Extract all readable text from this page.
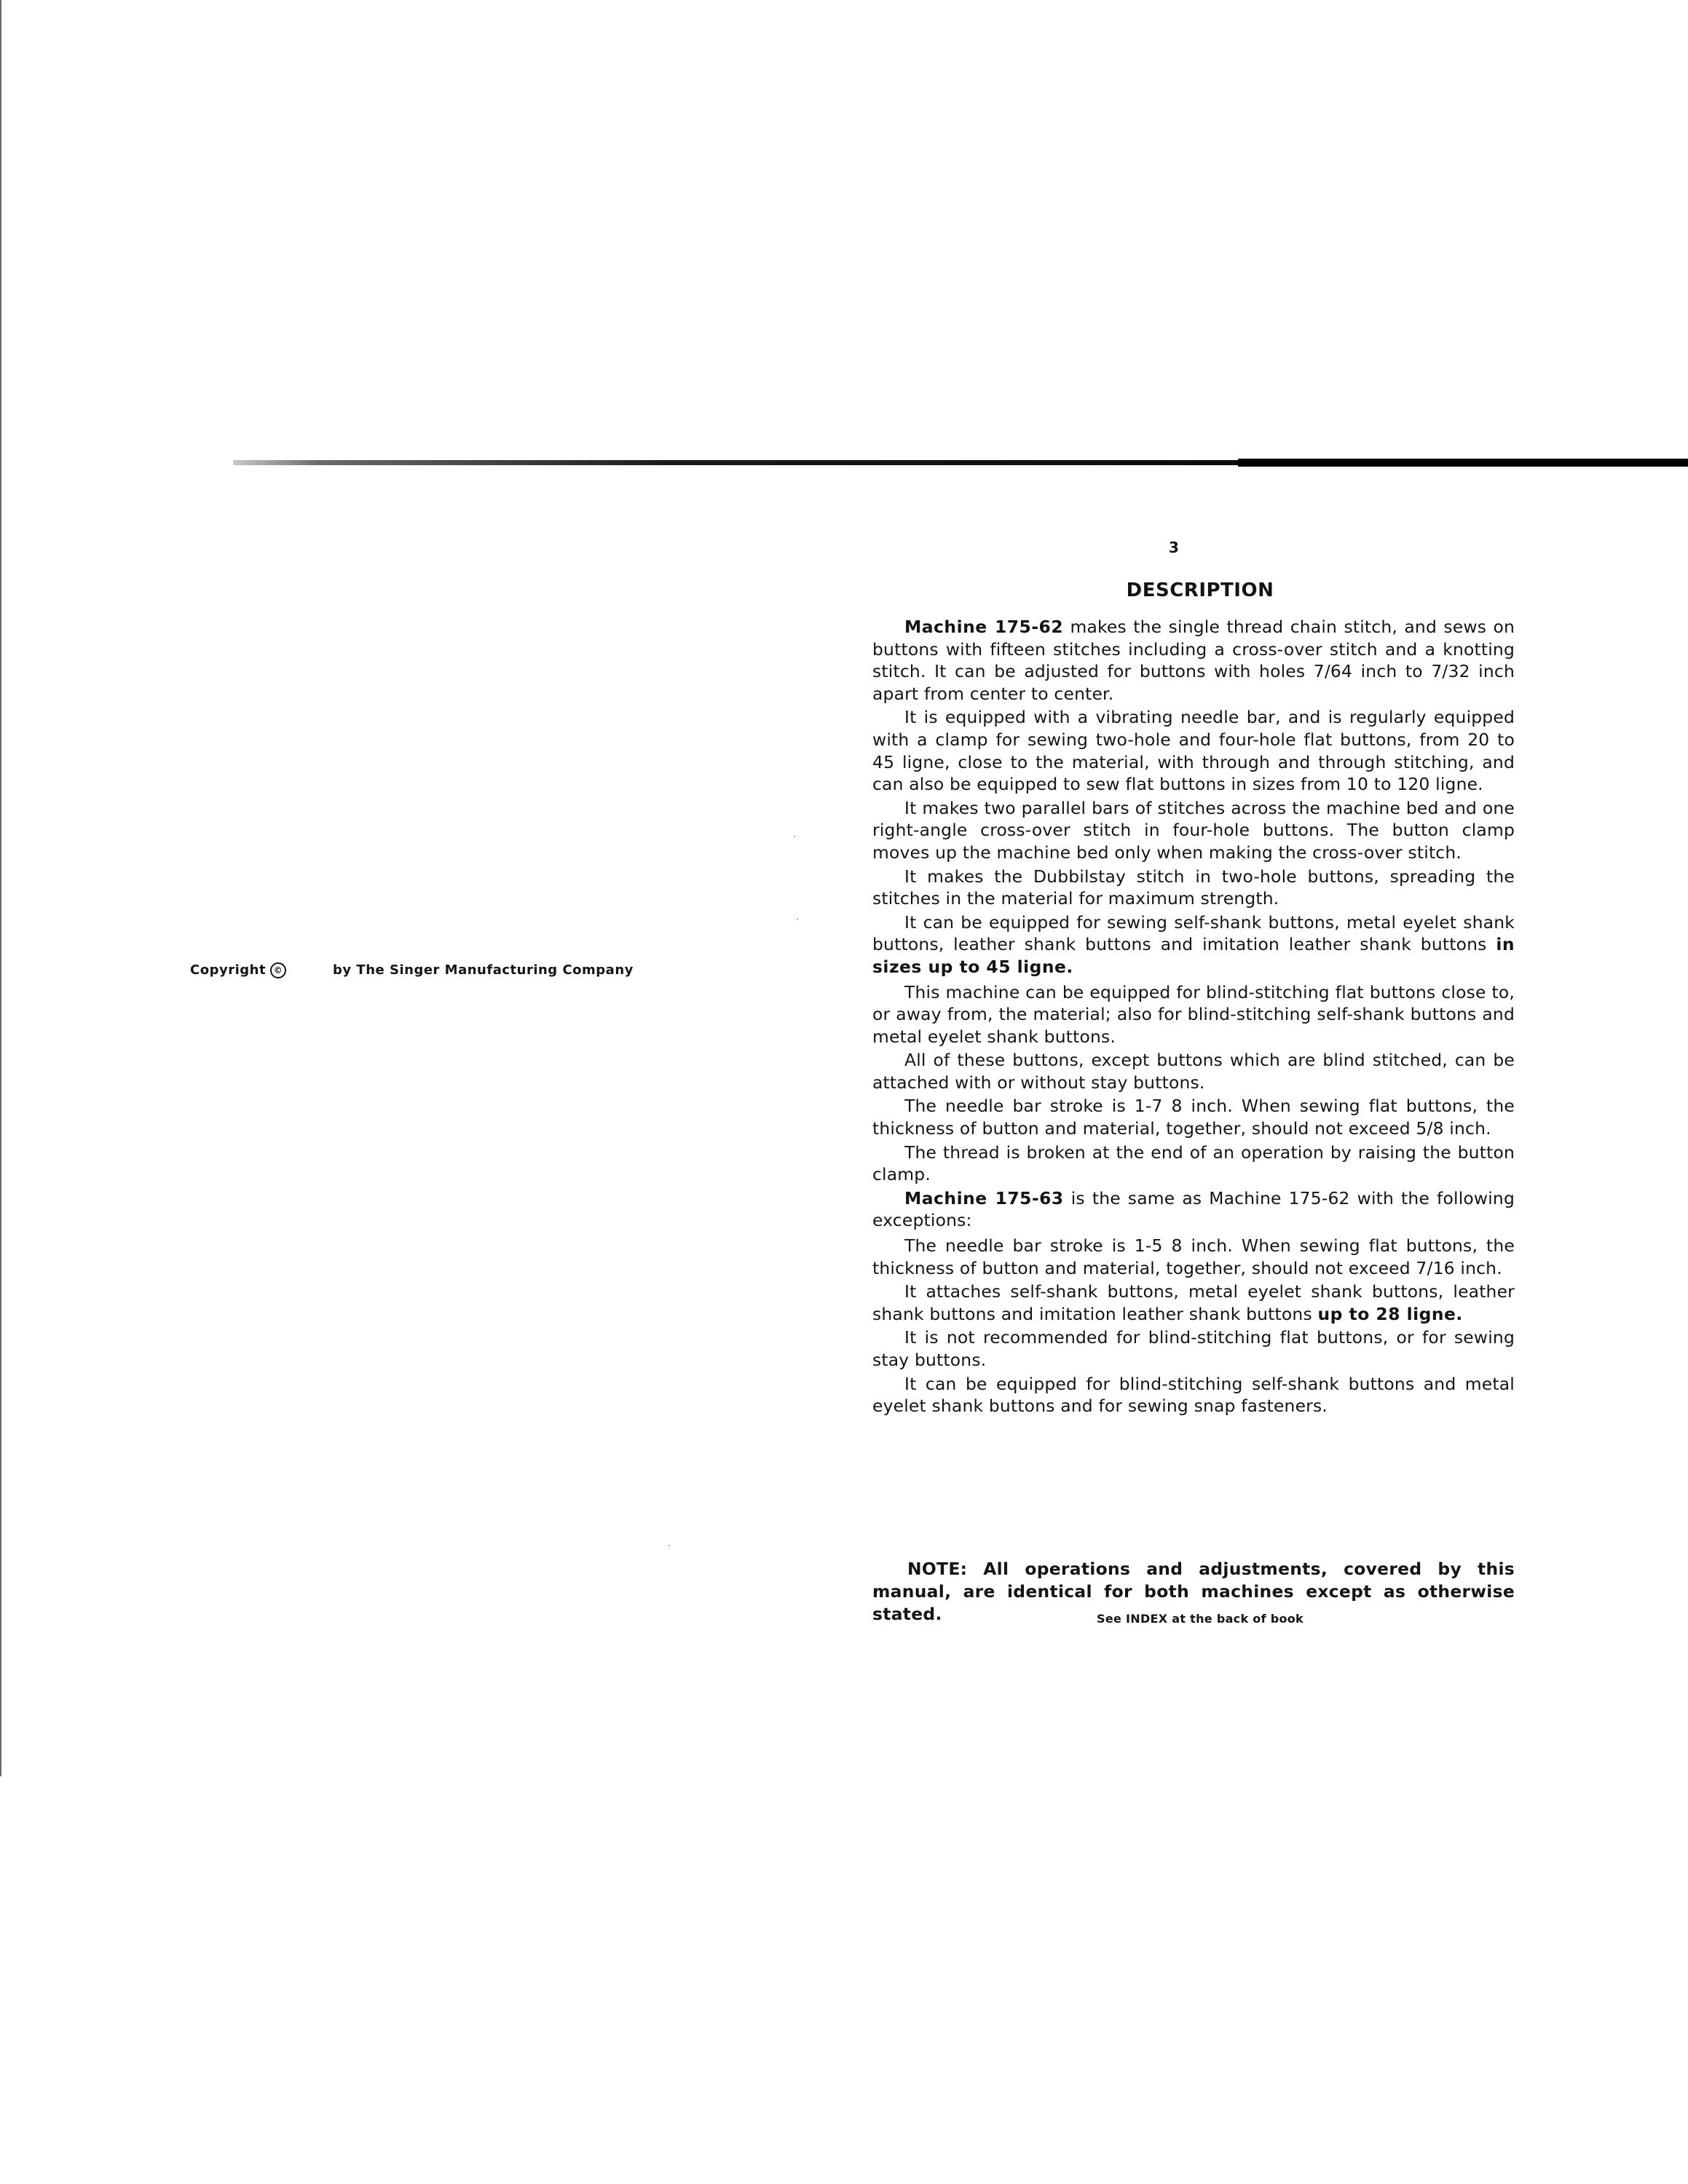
Copyright ©	by The Singer Manufacturing Company
3
DESCRIPTION

Machine 175-62 makes the single thread chain stitch, and sews on buttons with fifteen stitches including a cross-over stitch and a knotting stitch. It can be adjusted for buttons with holes 7/64 inch to 7/32 inch apart from center to center.

It is equipped with a vibrating needle bar, and is regularly equipped with a clamp for sewing two-hole and four-hole flat buttons, from 20 to 45 ligne, close to the material, with through and through stitching, and can also be equipped to sew flat buttons in sizes from 10 to 120 ligne.

It makes two parallel bars of stitches across the machine bed and one right-angle cross-over stitch in four-hole buttons. The button clamp moves up the machine bed only when making the cross-over stitch.

It makes the Dubbilstay stitch in two-hole buttons, spreading the stitches in the material for maximum strength.

It can be equipped for sewing self-shank buttons, metal eyelet shank buttons, leather shank buttons and imitation leather shank buttons in sizes up to 45 ligne.

This machine can be equipped for blind-stitching flat buttons close to, or away from, the material; also for blind-stitching self-shank buttons and metal eyelet shank buttons.

All of these buttons, except buttons which are blind stitched, can be attached with or without stay buttons.

The needle bar stroke is 1-7 8 inch. When sewing flat buttons, the thickness of button and material, together, should not exceed 5/8 inch.

The thread is broken at the end of an operation by raising the button clamp.

Machine 175-63 is the same as Machine 175-62 with the following exceptions:

The needle bar stroke is 1-5 8 inch. When sewing flat buttons, the thickness of button and material, together, should not exceed 7/16 inch.

It attaches self-shank buttons, metal eyelet shank buttons, leather shank buttons and imitation leather shank buttons up to 28 ligne.

It is not recommended for blind-stitching flat buttons, or for sewing stay buttons.

It can be equipped for blind-stitching self-shank buttons and metal eyelet shank buttons and for sewing snap fasteners.

NOTE: All operations and adjustments, covered by this manual, are identical for both machines except as otherwise stated.	See INDEX at the back of book
